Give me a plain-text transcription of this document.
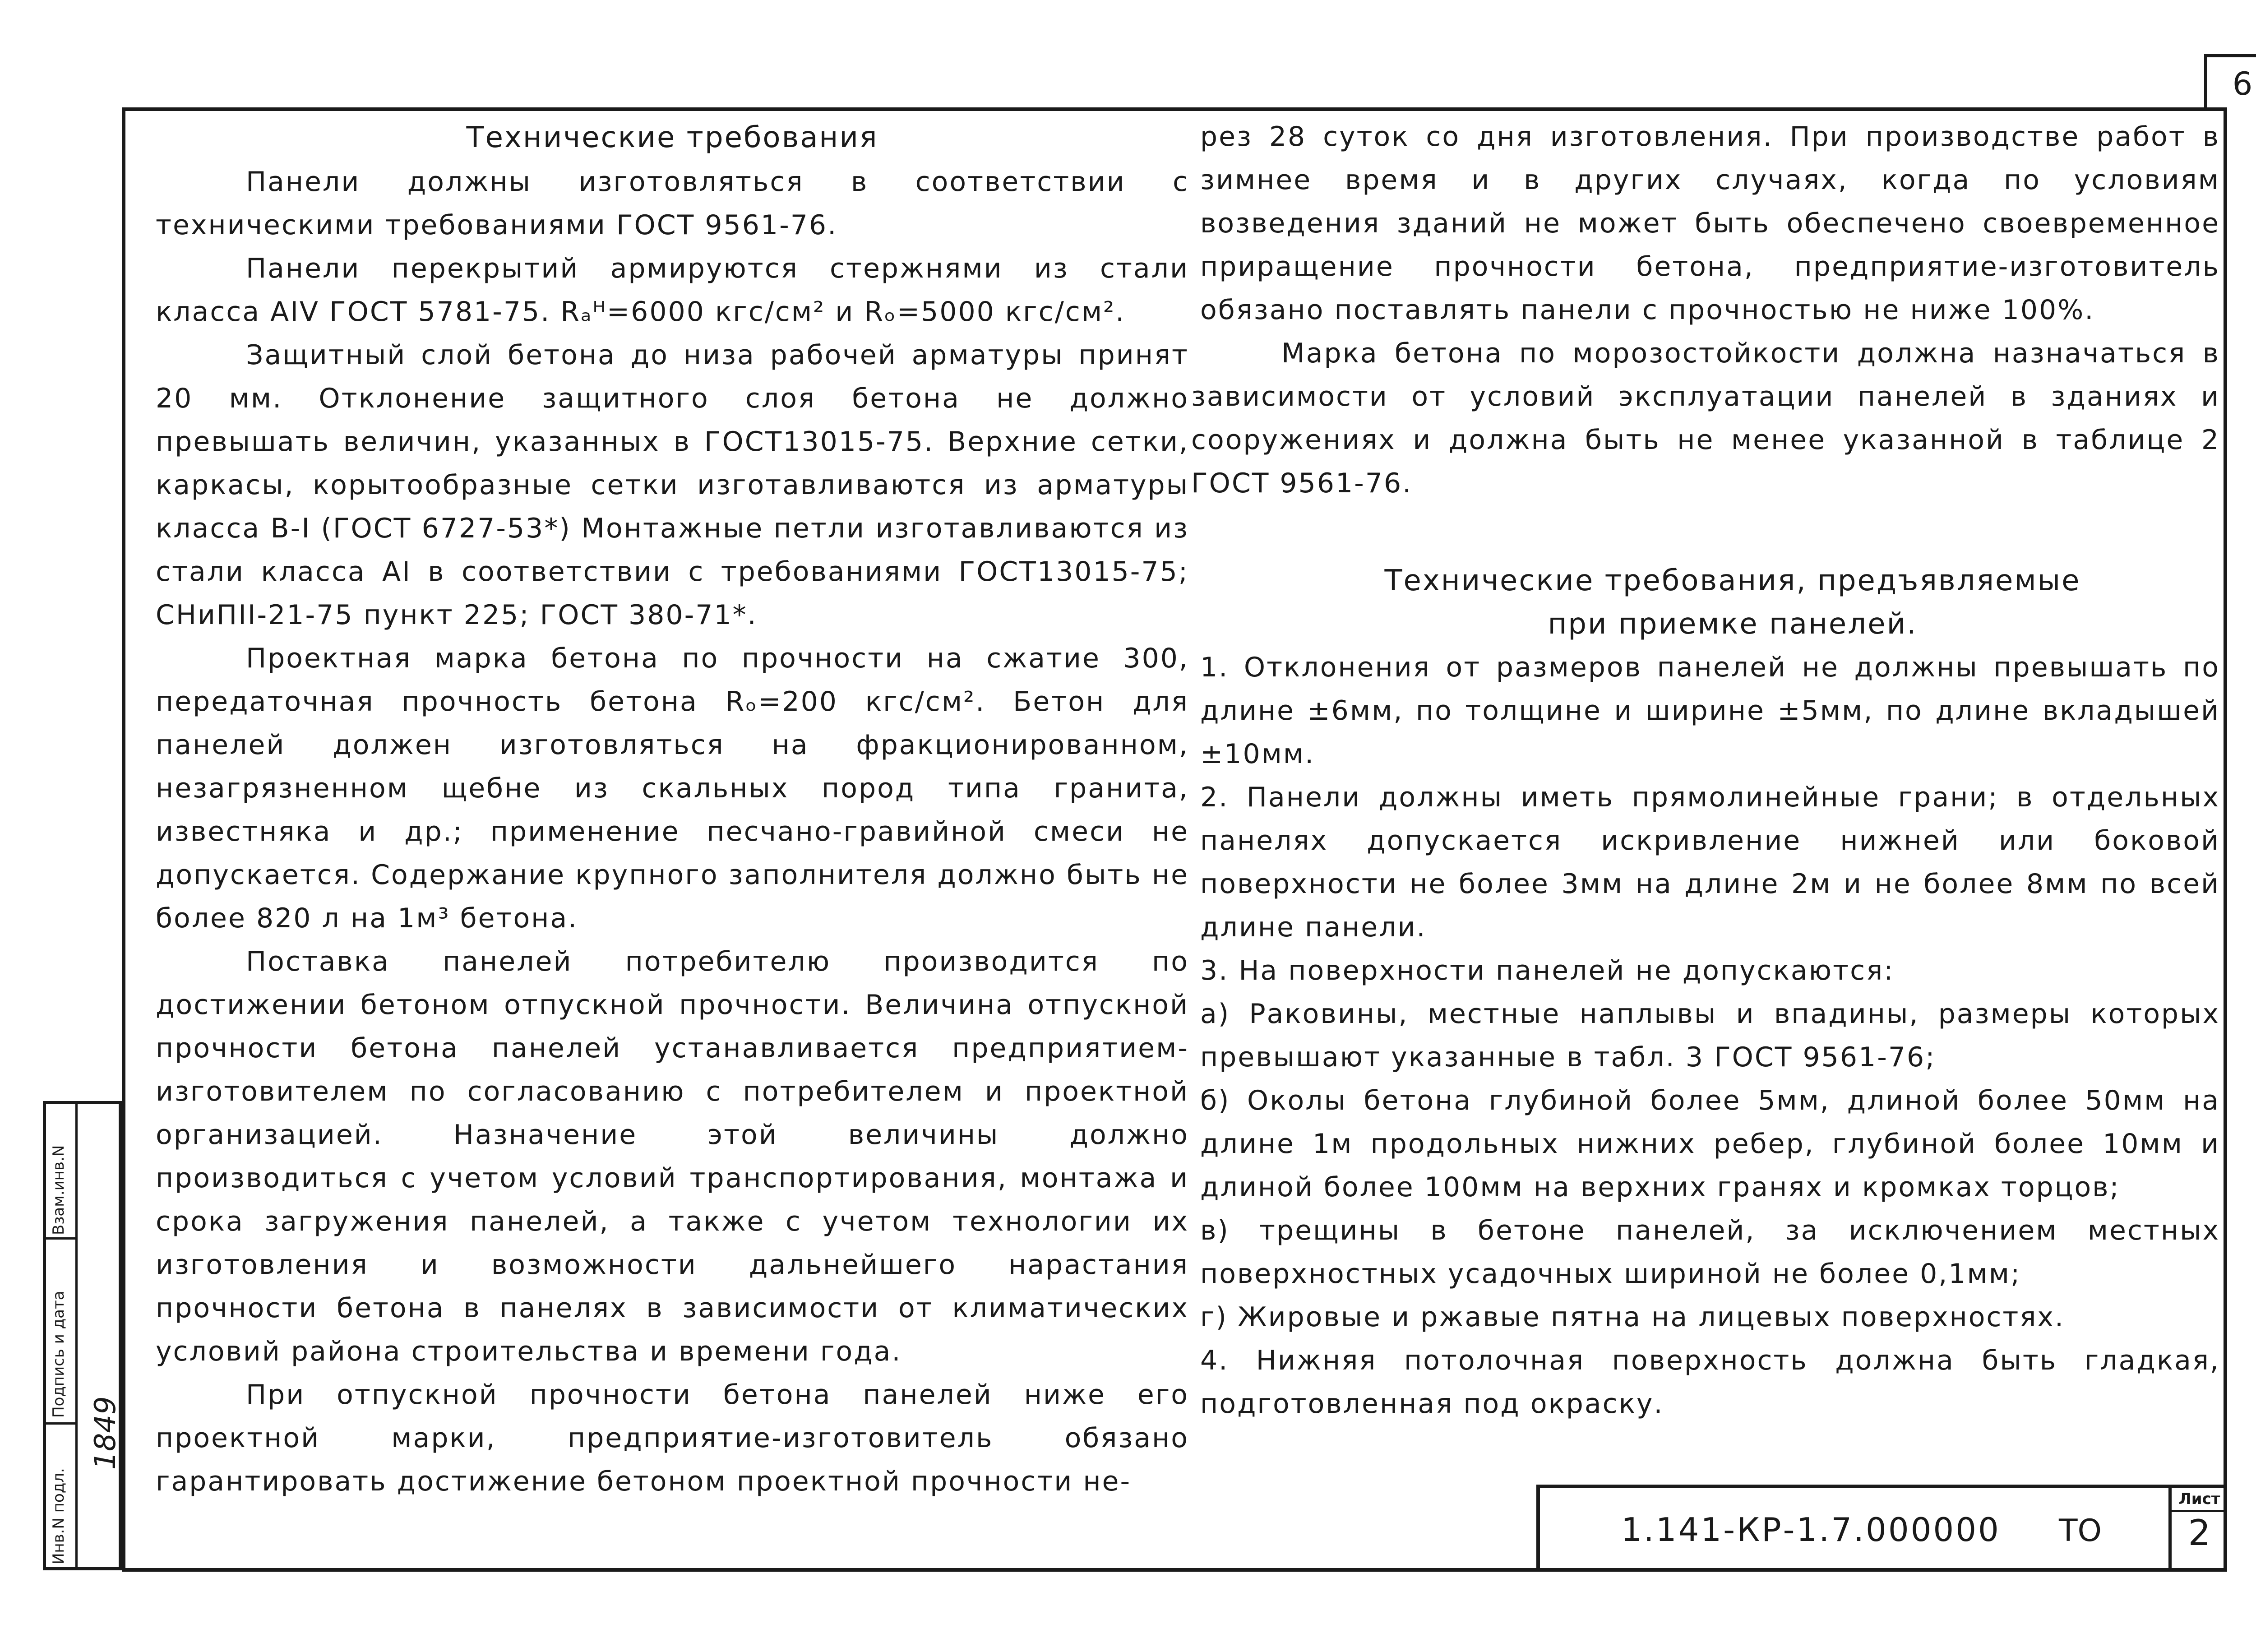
6

Технические требования

Панели должны изготовляться в соответствии с техническими требованиями ГОСТ 9561-76.

Панели перекрытий армируются стержнями из стали класса AIV ГОСТ 5781-75. Rₐᴴ=6000 кгс/см² и Rₒ=5000 кгс/см².

Защитный слой бетона до низа рабочей арматуры принят 20 мм. Отклонение защитного слоя бетона не должно превышать величин, указанных в ГОСТ13015-75. Верхние сетки, каркасы, корытообразные сетки изготавливаются из арматуры класса В-I (ГОСТ 6727-53*) Монтажные петли изготавливаются из стали класса AI в соответствии с требованиями ГОСТ13015-75; СНиПII-21-75 пункт 225; ГОСТ 380-71*.

Проектная марка бетона по прочности на сжатие 300, передаточная прочность бетона Rₒ=200 кгс/см². Бетон для панелей должен изготовляться на фракционированном, незагрязненном щебне из скальных пород типа гранита, известняка и др.; применение песчано-гравийной смеси не допускается. Содержание крупного заполнителя должно быть не более 820 л на 1м³ бетона.

Поставка панелей потребителю производится по достижении бетоном отпускной прочности. Величина отпускной прочности бетона панелей устанавливается предприятием-изготовителем по согласованию с потребителем и проектной организацией. Назначение этой величины должно производиться с учетом условий транспортирования, монтажа и срока загружения панелей, а также с учетом технологии их изготовления и возможности дальнейшего нарастания прочности бетона в панелях в зависимости от климатических условий района строительства и времени года.

При отпускной прочности бетона панелей ниже его проектной марки, предприятие-изготовитель обязано гарантировать достижение бетоном проектной прочности не-

рез 28 суток со дня изготовления. При производстве работ в зимнее время и в других случаях, когда по условиям возведения зданий не может быть обеспечено своевременное приращение прочности бетона, предприятие-изготовитель обязано поставлять панели с прочностью не ниже 100%.

Марка бетона по морозостойкости должна назначаться в зависимости от условий эксплуатации панелей в зданиях и сооружениях и должна быть не менее указанной в таблице 2 ГОСТ 9561-76.

Технические требования, предъявляемые

при приемке панелей.

1. Отклонения от размеров панелей не должны превышать по длине ±6мм, по толщине и ширине ±5мм, по длине вкладышей ±10мм.

2. Панели должны иметь прямолинейные грани; в отдельных панелях допускается искривление нижней или боковой поверхности не более 3мм на длине 2м и не более 8мм по всей длине панели.

3. На поверхности панелей не допускаются:

а) Раковины, местные наплывы и впадины, размеры которых превышают указанные в табл. 3 ГОСТ 9561-76;

б) Околы бетона глубиной более 5мм, длиной более 50мм на длине 1м продольных нижних ребер, глубиной более 10мм и длиной более 100мм на верхних гранях и кромках торцов;

в) трещины в бетоне панелей, за исключением местных поверхностных усадочных шириной не более 0,1мм;

г) Жировые и ржавые пятна на лицевых поверхностях.

4. Нижняя потолочная поверхность должна быть гладкая, подготовленная под окраску.

Взам.инв.N
Подпись и дата
Инв.N подл.
1849
1.141-КР-1.7.000000 ТО
Лист
2
